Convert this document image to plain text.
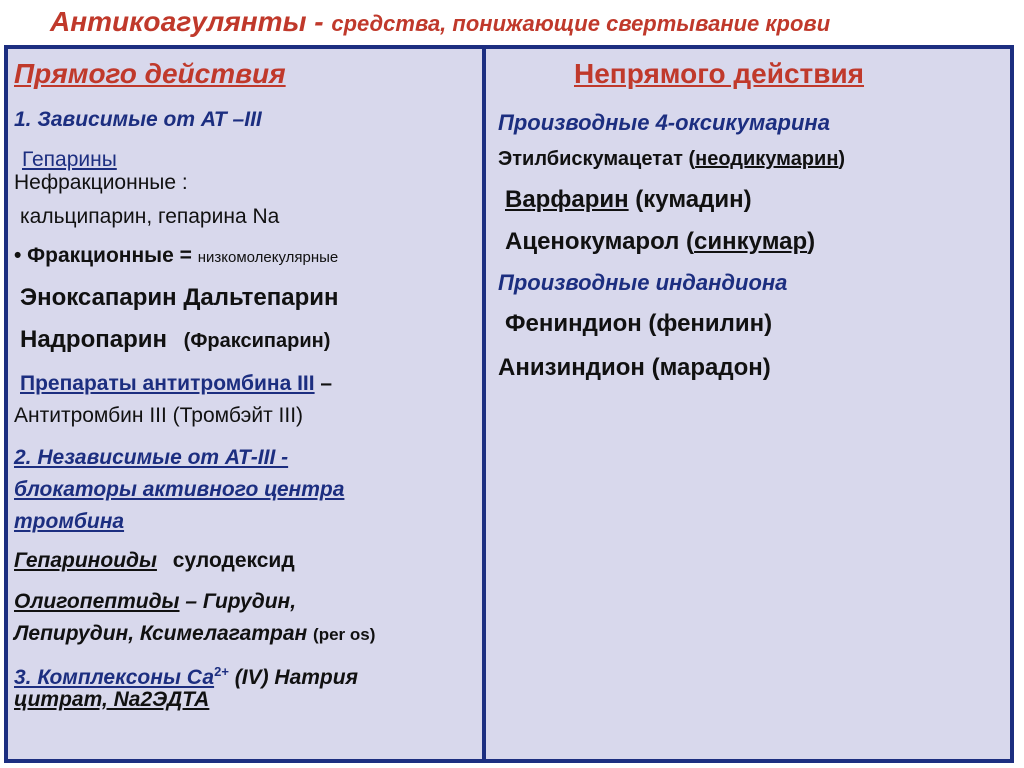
Антикоагулянты - средства, понижающие свертывание крови
Прямого действия
1. Зависимые от АТ –III
Гепарины
Нефракционные :
кальципарин, гепарина Na
• Фракционные = низкомолекулярные
Эноксапарин Дальтепарин
Надропарин (Фраксипарин)
Препараты антитромбина III –
Антитромбин III (Тромбэйт III)
2. Независимые от АТ-III -
блокаторы активного центра
тромбина
Гепариноиды сулодексид
Олигопептиды – Гирудин,
Лепирудин, Ксимелагатран (per os)
3. Комплексоны $Са^{2+}$ (IV) Натрия
цитрат, Na2ЭДТА
Непрямого действия
Производные 4-оксикумарина
Этилбискумацетат (неодикумарин)
Варфарин (кумадин)
Аценокумарол (синкумар)
Производные индандиона
Фениндион (фенилин)
Анизиндион (марадон)
